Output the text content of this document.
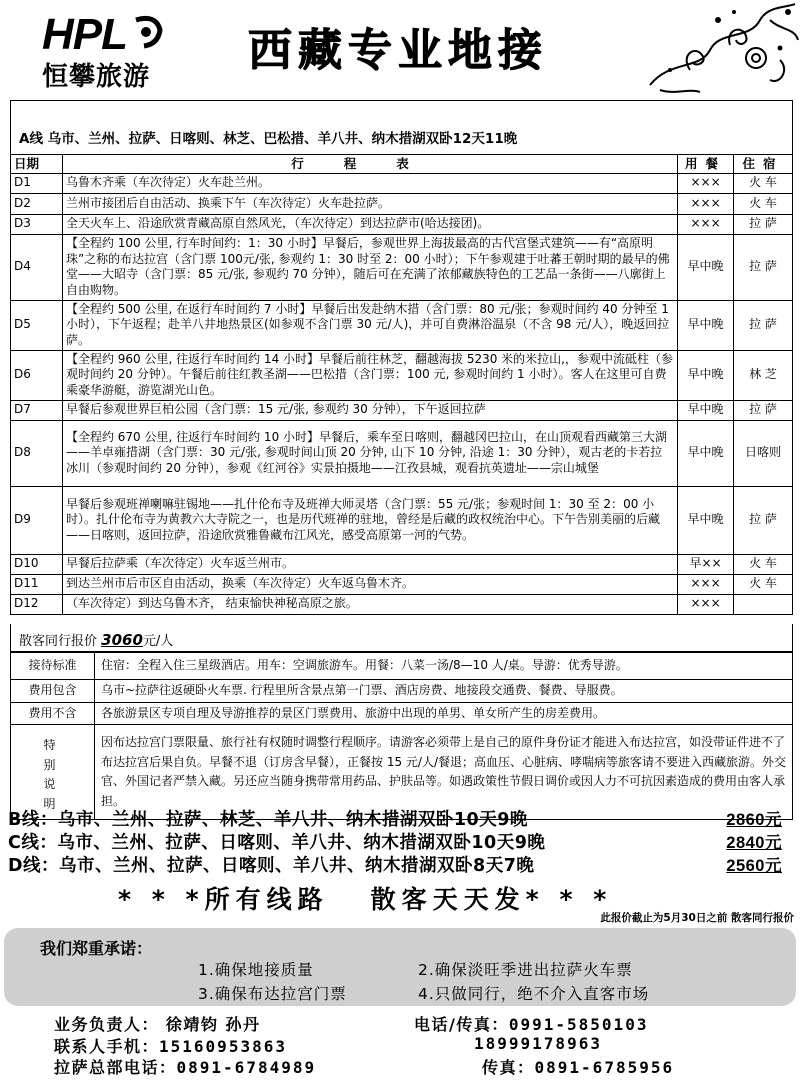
HPL
恒攀旅游
西藏专业地接
A线 乌市、兰州、拉萨、日喀则、林芝、巴松措、羊八井、纳木措湖双卧12天11晚
日期	行程表	用餐	住宿
D1	乌鲁木齐乘（车次待定）火车赴兰州。	×××	火 车
D2	兰州市接团后自由活动、换乘下午（车次待定）火车赴拉萨。	×××	火 车
D3	全天火车上、沿途欣赏青藏高原自然风光，（车次待定）到达拉萨市(哈达接团)。	×××	拉 萨
D4	【全程约 100 公里, 行车时间约：1：30 小时】早餐后，参观世界上海拔最高的古代宫堡式建筑——有“高原明珠”之称的布达拉宫（含门票 100元/张, 参观约 1：30 时至 2：00 小时）；下午参观建于吐蕃王朝时期的最早的佛堂——大昭寺（含门票：85 元/张, 参观约 70 分钟），随后可在充满了浓郁藏族特色的工艺品一条街——八廓街上自由购物。	早中晚	拉 萨
D5	【全程约 500 公里, 在返行车时间约 7 小时】早餐后出发赴纳木措（含门票：80 元/张；参观时间约 40 分钟至 1 小时），下午返程；赴羊八井地热景区(如参观不含门票 30 元/人)，并可自费淋浴温泉（不含 98 元/人），晚返回拉萨。	早中晚	拉 萨
D6	【全程约 960 公里, 往返行车时间约 14 小时】早餐后前往林芝，翻越海拔 5230 米的米拉山,，参观中流砥柱（参观时间约 20 分钟）。午餐后前往红教圣湖——巴松措（含门票：100 元, 参观时间约 1 小时）。客人在这里可自费乘豪华游艇，游览湖光山色。	早中晚	林 芝
D7	早餐后参观世界巨柏公园（含门票：15 元/张, 参观约 30 分钟），下午返回拉萨	早中晚	拉 萨
D8	【全程约 670 公里, 往返行车时间约 10 小时】早餐后，乘车至日喀则，翻越冈巴拉山，在山顶观看西藏第三大湖——羊卓雍措湖（含门票：30 元/张, 参观时间山顶 20 分钟, 山下 10 分钟, 沿途 1：30 分钟），观古老的卡若拉冰川（参观时间约 20 分钟），参观《红河谷》实景拍摄地——江孜县城，观看抗英遗址——宗山城堡	早中晚	日喀则
D9	早餐后参观班禅喇嘛驻锡地——扎什伦布寺及班禅大师灵塔（含门票：55 元/张；参观时间 1：30 至 2：00 小时）。扎什伦布寺为黄教六大寺院之一，也是历代班禅的驻地，曾经是后藏的政权统治中心。下午告别美丽的后藏——日喀则，返回拉萨，沿途欣赏雅鲁藏布江风光，感受高原第一河的气势。	早中晚	拉 萨
D10	早餐后拉萨乘（车次待定）火车返兰州市。	早××	火 车
D11	到达兰州市后市区自由活动，换乘（车次待定）火车返乌鲁木齐。	×××	火 车
D12	（车次待定）到达乌鲁木齐， 结束愉快神秘高原之旅。	×××	
散客同行报价 3060元/人
接待标准	住宿：全程入住三星级酒店。用车：空调旅游车。用餐：八菜一汤/8—10 人/桌。导游：优秀导游。
费用包含	乌市~拉萨往返硬卧火车票. 行程里所含景点第一门票、酒店房费、地接段交通费、餐费、导服费。
费用不含	各旅游景区专项自理及导游推荐的景区门票费用、旅游中出现的单男、单女所产生的房差费用。

特别
说明	因布达拉宫门票限量、旅行社有权随时调整行程顺序。请游客必须带上是自己的原件身份证才能进入布达拉宫，如没带证件进不了布达拉宫后果自负。早餐不退（订房含早餐），正餐按 15 元/人/餐退；高血压、心脏病、哮喘病等旅客请不要进入西藏旅游。外交官、外国记者严禁入藏。另还应当随身携带常用药品、护肤品等。如遇政策性节假日调价或因人力不可抗因素造成的费用由客人承担。
B线：乌市、兰州、拉萨、林芝、羊八井、纳木措湖双卧10天9晚	2860元
C线：乌市、兰州、拉萨、日喀则、羊八井、纳木措湖双卧10天9晚	2840元
D线：乌市、兰州、拉萨、日喀则、羊八井、纳木措湖双卧8天7晚	2560元
* * *所有线路 散客天天发* * *
此报价截止为5月30日之前 散客同行报价
我们郑重承诺：
1.确保地接质量	2.确保淡旺季进出拉萨火车票
3.确保布达拉宫门票	4.只做同行，绝不介入直客市场
业务负责人： 徐靖钧 孙丹	电话/传真：0991-5850103
联系人手机：15160953863	18999178963
拉萨总部电话：0891-6784989	传真：0891-6785956
